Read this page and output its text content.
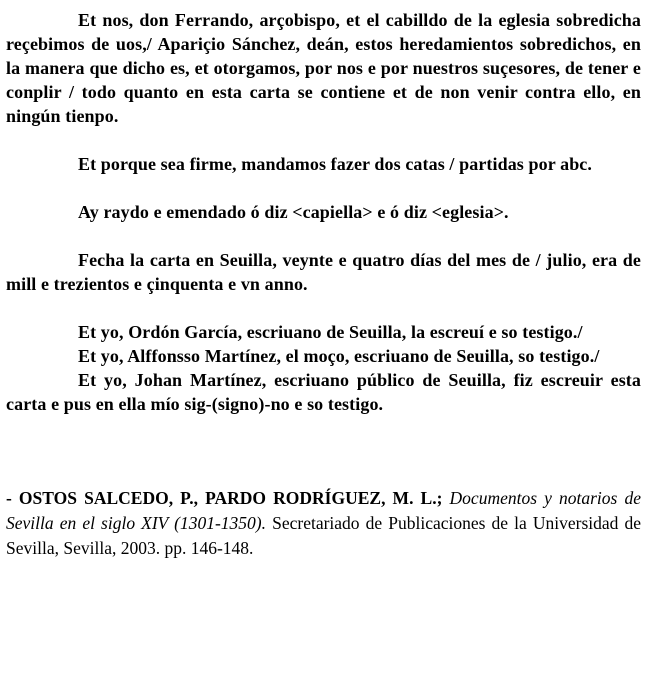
Et nos, don Ferrando, arçobispo, et el cabilldo de la eglesia sobredicha reçebimos de uos,/ Apariçio Sánchez, deán, estos heredamientos sobredichos, en la manera que dicho es, et otorgamos, por nos e por nuestros suçesores, de tener e conplir / todo quanto en esta carta se contiene et de non venir contra ello, en ningún tienpo.

Et porque sea firme, mandamos fazer dos catas / partidas por abc.

Ay raydo e emendado ó diz <capiella> e ó diz <eglesia>.

Fecha la carta en Seuilla, veynte e quatro días del mes de / julio, era de mill e trezientos e çinquenta e vn anno.

Et yo, Ordón García, escriuano de Seuilla, la escreuí e so testigo./

Et yo, Alffonsso Martínez, el moço, escriuano de Seuilla, so testigo./

Et yo, Johan Martínez, escriuano público de Seuilla, fiz escreuir esta carta e pus en ella mío sig-(signo)-no e so testigo.

- OSTOS SALCEDO, P., PARDO RODRÍGUEZ, M. L.; Documentos y notarios de Sevilla en el siglo XIV (1301-1350). Secretariado de Publicaciones de la Universidad de Sevilla, Sevilla, 2003. pp. 146-148.
